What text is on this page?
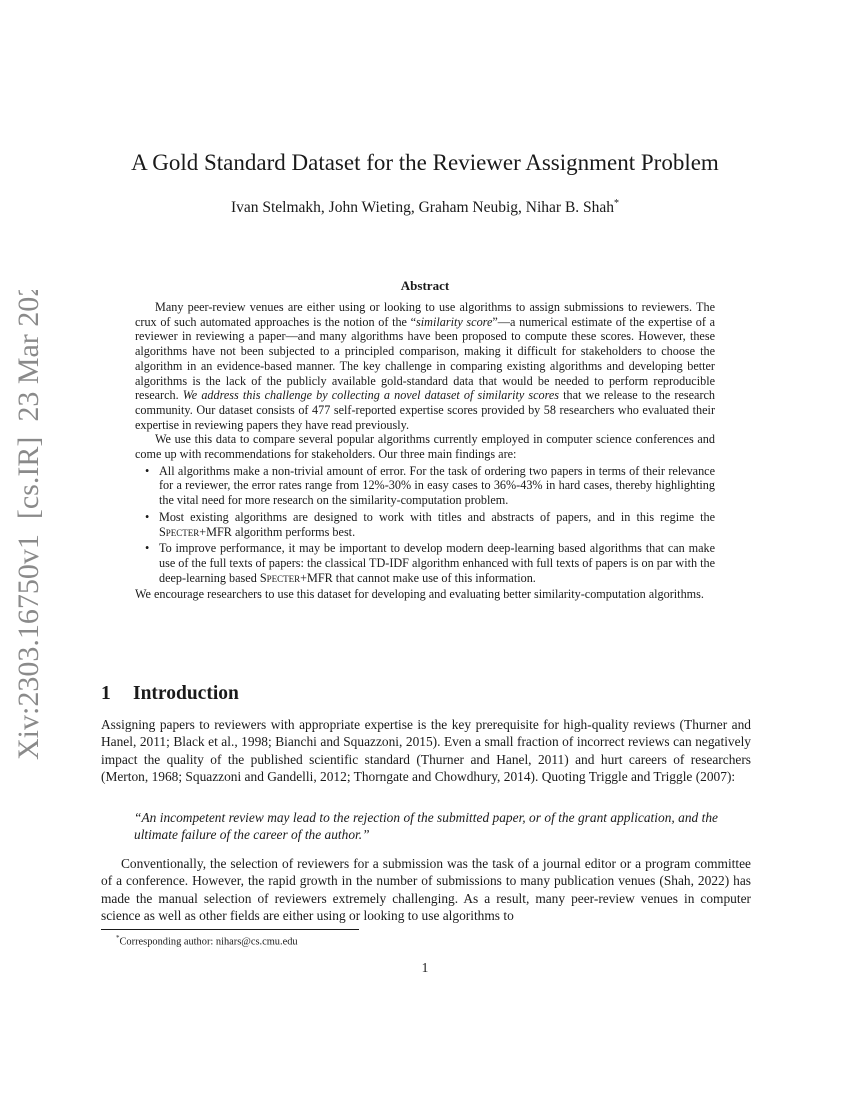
arXiv:2303.16750v1  [cs.IR]  23 Mar 2023
A Gold Standard Dataset for the Reviewer Assignment Problem
Ivan Stelmakh, John Wieting, Graham Neubig, Nihar B. Shah*
Abstract

Many peer-review venues are either using or looking to use algorithms to assign submissions to reviewers. The crux of such automated approaches is the notion of the “similarity score”—a numerical estimate of the expertise of a reviewer in reviewing a paper—and many algorithms have been proposed to compute these scores. However, these algorithms have not been subjected to a principled comparison, making it difficult for stakeholders to choose the algorithm in an evidence-based manner. The key challenge in comparing existing algorithms and developing better algorithms is the lack of the publicly available gold-standard data that would be needed to perform reproducible research. We address this challenge by collecting a novel dataset of similarity scores that we release to the research community. Our dataset consists of 477 self-reported expertise scores provided by 58 researchers who evaluated their expertise in reviewing papers they have read previously.

We use this data to compare several popular algorithms currently employed in computer science conferences and come up with recommendations for stakeholders. Our three main findings are:

• All algorithms make a non-trivial amount of error. For the task of ordering two papers in terms of their relevance for a reviewer, the error rates range from 12%-30% in easy cases to 36%-43% in hard cases, thereby highlighting the vital need for more research on the similarity-computation problem.
• Most existing algorithms are designed to work with titles and abstracts of papers, and in this regime the Specter+MFR algorithm performs best.
• To improve performance, it may be important to develop modern deep-learning based algorithms that can make use of the full texts of papers: the classical TD-IDF algorithm enhanced with full texts of papers is on par with the deep-learning based Specter+MFR that cannot make use of this information.

We encourage researchers to use this dataset for developing and evaluating better similarity-computation algorithms.

1 Introduction

Assigning papers to reviewers with appropriate expertise is the key prerequisite for high-quality reviews (Thurner and Hanel, 2011; Black et al., 1998; Bianchi and Squazzoni, 2015). Even a small fraction of incorrect reviews can negatively impact the quality of the published scientific standard (Thurner and Hanel, 2011) and hurt careers of researchers (Merton, 1968; Squazzoni and Gandelli, 2012; Thorngate and Chowdhury, 2014). Quoting Triggle and Triggle (2007):

“An incompetent review may lead to the rejection of the submitted paper, or of the grant application, and the ultimate failure of the career of the author.”

Conventionally, the selection of reviewers for a submission was the task of a journal editor or a program committee of a conference. However, the rapid growth in the number of submissions to many publication venues (Shah, 2022) has made the manual selection of reviewers extremely challenging. As a result, many peer-review venues in computer science as well as other fields are either using or looking to use algorithms to

*Corresponding author: nihars@cs.cmu.edu
1
